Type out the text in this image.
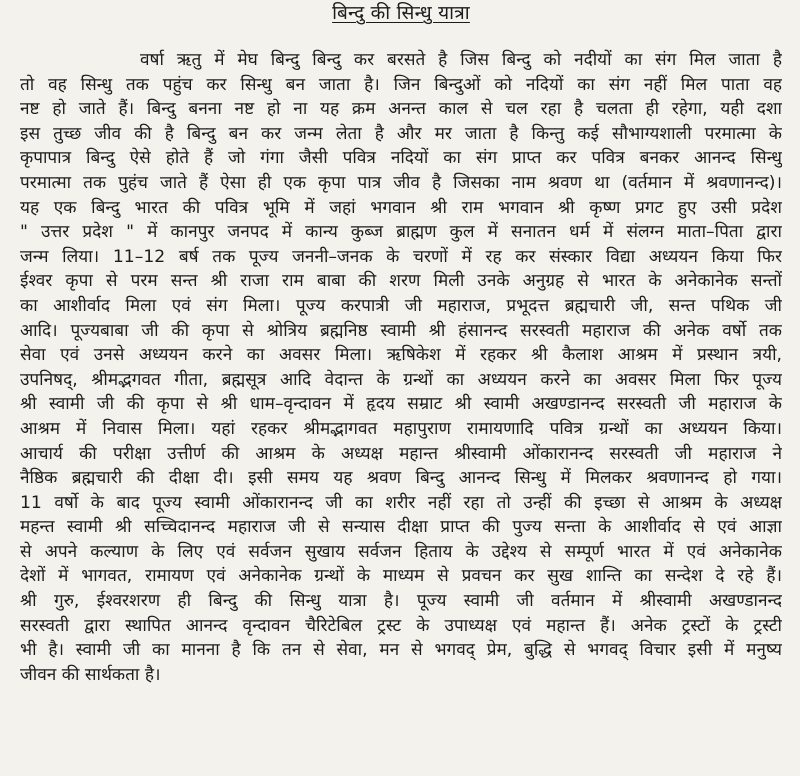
बिन्दु की सिन्धु यात्रा
वर्षा ऋतु में मेघ बिन्दु बिन्दु कर बरसते है जिस बिन्दु को नदीयों का संग मिल जाता है
तो वह सिन्धु तक पहुंच कर सिन्धु बन जाता है। जिन बिन्दुओं को नदियों का संग नहीं मिल पाता वह
नष्ट हो जाते हैं। बिन्दु बनना नष्ट हो ना यह क्रम अनन्त काल से चल रहा है चलता ही रहेगा, यही दशा
इस तुच्छ जीव की है बिन्दु बन कर जन्म लेता है और मर जाता है किन्तु कई सौभाग्यशाली परमात्मा के
कृपापात्र बिन्दु ऐसे होते हैं जो गंगा जैसी पवित्र नदियों का संग प्राप्त कर पवित्र बनकर आनन्द सिन्धु
परमात्मा तक पुहंच जाते हैं ऐसा ही एक कृपा पात्र जीव है जिसका नाम श्रवण था (वर्तमान में श्रवणानन्द)।
यह एक बिन्दु भारत की पवित्र भूमि में जहां भगवान श्री राम भगवान श्री कृष्ण प्रगट हुए उसी प्रदेश
" उत्तर प्रदेश " में कानपुर जनपद में कान्य कुब्ज ब्राह्मण कुल में सनातन धर्म में संलग्न माता–पिता द्वारा
जन्म लिया। 11–12 बर्ष तक पूज्य जननी–जनक के चरणों में रह कर संस्कार विद्या अध्ययन किया फिर
ईश्वर कृपा से परम सन्त श्री राजा राम बाबा की शरण मिली उनके अनुग्रह से भारत के अनेकानेक सन्तों
का आशीर्वाद मिला एवं संग मिला। पूज्य करपात्री जी महाराज, प्रभूदत्त ब्रह्मचारी जी, सन्त पथिक जी
आदि। पूज्यबाबा जी की कृपा से श्रोत्रिय ब्रह्मनिष्ठ स्वामी श्री हंसानन्द सरस्वती महाराज की अनेक वर्षो तक
सेवा एवं उनसे अध्ययन करने का अवसर मिला। ऋषिकेश में रहकर श्री कैलाश आश्रम में प्रस्थान त्रयी,
उपनिषद्, श्रीमद्भगवत गीता, ब्रह्मसूत्र आदि वेदान्त के ग्रन्थों का अध्ययन करने का अवसर मिला फिर पूज्य
श्री स्वामी जी की कृपा से श्री धाम–वृन्दावन में हृदय सम्राट श्री स्वामी अखण्डानन्द सरस्वती जी महाराज के
आश्रम में निवास मिला। यहां रहकर श्रीमद्भागवत महापुराण रामायणादि पवित्र ग्रन्थों का अध्ययन किया।
आचार्य की परीक्षा उत्तीर्ण की आश्रम के अध्यक्ष महान्त श्रीस्वामी ओंकारानन्द सरस्वती जी महाराज ने
नैष्ठिक ब्रह्मचारी की दीक्षा दी। इसी समय यह श्रवण बिन्दु आनन्द सिन्धु में मिलकर श्रवणानन्द हो गया।
11 वर्षो के बाद पूज्य स्वामी ओंकारानन्द जी का शरीर नहीं रहा तो उन्हीं की इच्छा से आश्रम के अध्यक्ष
महन्त स्वामी श्री सच्चिदानन्द महाराज जी से सन्यास दीक्षा प्राप्त की पुज्य सन्ता के आशीर्वाद से एवं आज्ञा
से अपने कल्याण के लिए एवं सर्वजन सुखाय सर्वजन हिताय के उद्देश्य से सम्पूर्ण भारत में एवं अनेकानेक
देशों में भागवत, रामायण एवं अनेकानेक ग्रन्थों के माध्यम से प्रवचन कर सुख शान्ति का सन्देश दे रहे हैं।
श्री गुरु, ईश्वरशरण ही बिन्दु की सिन्धु यात्रा है। पूज्य स्वामी जी वर्तमान में श्रीस्वामी अखण्डानन्द
सरस्वती द्वारा स्थापित आनन्द वृन्दावन चैरिटेबिल ट्रस्ट के उपाध्यक्ष एवं महान्त हैं। अनेक ट्रस्टों के ट्रस्टी
भी है। स्वामी जी का मानना है कि तन से सेवा, मन से भगवद् प्रेम, बुद्धि से भगवद् विचार इसी में मनुष्य
जीवन की सार्थकता है।
